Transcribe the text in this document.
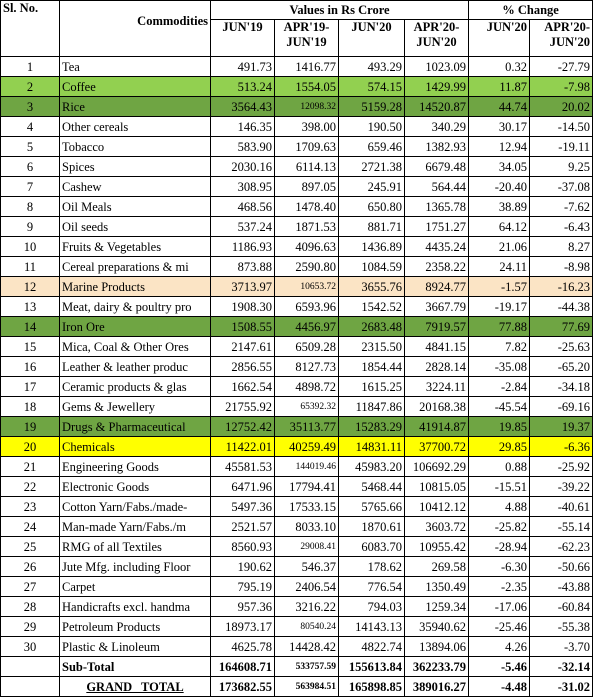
Sl. No.	Commodities	Values in Rs Crore				% Change	
		JUN'19	APR'19-JUN'19	JUN'20	APR'20-JUN'20	JUN'20	APR'20-JUN'20
1	Tea	491.73	1416.77	493.29	1023.09	0.32	-27.79
2	Coffee	513.24	1554.05	574.15	1429.99	11.87	-7.98
3	Rice	3564.43	12098.32	5159.28	14520.87	44.74	20.02
4	Other cereals	146.35	398.00	190.50	340.29	30.17	-14.50
5	Tobacco	583.90	1709.63	659.46	1382.93	12.94	-19.11
6	Spices	2030.16	6114.13	2721.38	6679.48	34.05	9.25
7	Cashew	308.95	897.05	245.91	564.44	-20.40	-37.08
8	Oil Meals	468.56	1478.40	650.80	1365.78	38.89	-7.62
9	Oil seeds	537.24	1871.53	881.71	1751.27	64.12	-6.43
10	Fruits & Vegetables	1186.93	4096.63	1436.89	4435.24	21.06	8.27
11	Cereal preparations & mi	873.88	2590.80	1084.59	2358.22	24.11	-8.98
12	Marine Products	3713.97	10653.72	3655.76	8924.77	-1.57	-16.23
13	Meat, dairy & poultry pro	1908.30	6593.96	1542.52	3667.79	-19.17	-44.38
14	Iron Ore	1508.55	4456.97	2683.48	7919.57	77.88	77.69
15	Mica, Coal & Other Ores	2147.61	6509.28	2315.50	4841.15	7.82	-25.63
16	Leather & leather produc	2856.55	8127.73	1854.44	2828.14	-35.08	-65.20
17	Ceramic products & glas	1662.54	4898.72	1615.25	3224.11	-2.84	-34.18
18	Gems & Jewellery	21755.92	65392.32	11847.86	20168.38	-45.54	-69.16
19	Drugs & Pharmaceutical	12752.42	35113.77	15283.29	41914.87	19.85	19.37
20	Chemicals	11422.01	40259.49	14831.11	37700.72	29.85	-6.36
21	Engineering Goods	45581.53	144019.46	45983.20	106692.29	0.88	-25.92
22	Electronic Goods	6471.96	17794.41	5468.44	10815.05	-15.51	-39.22
23	Cotton Yarn/Fabs./made-	5497.36	17533.15	5765.66	10412.12	4.88	-40.61
24	Man-made Yarn/Fabs./m	2521.57	8033.10	1870.61	3603.72	-25.82	-55.14
25	RMG of all Textiles	8560.93	29008.41	6083.70	10955.42	-28.94	-62.23
26	Jute Mfg. including Floor	190.62	546.37	178.62	269.58	-6.30	-50.66
27	Carpet	795.19	2406.54	776.54	1350.49	-2.35	-43.88
28	Handicrafts excl. handma	957.36	3216.22	794.03	1259.34	-17.06	-60.84
29	Petroleum Products	18973.17	80540.24	14143.13	35940.62	-25.46	-55.38
30	Plastic & Linoleum	4625.78	14428.42	4822.74	13894.06	4.26	-3.70
	Sub-Total	164608.71	533757.59	155613.84	362233.79	-5.46	-32.14
	GRAND TOTAL	173682.55	563984.51	165898.85	389016.27	-4.48	-31.02
